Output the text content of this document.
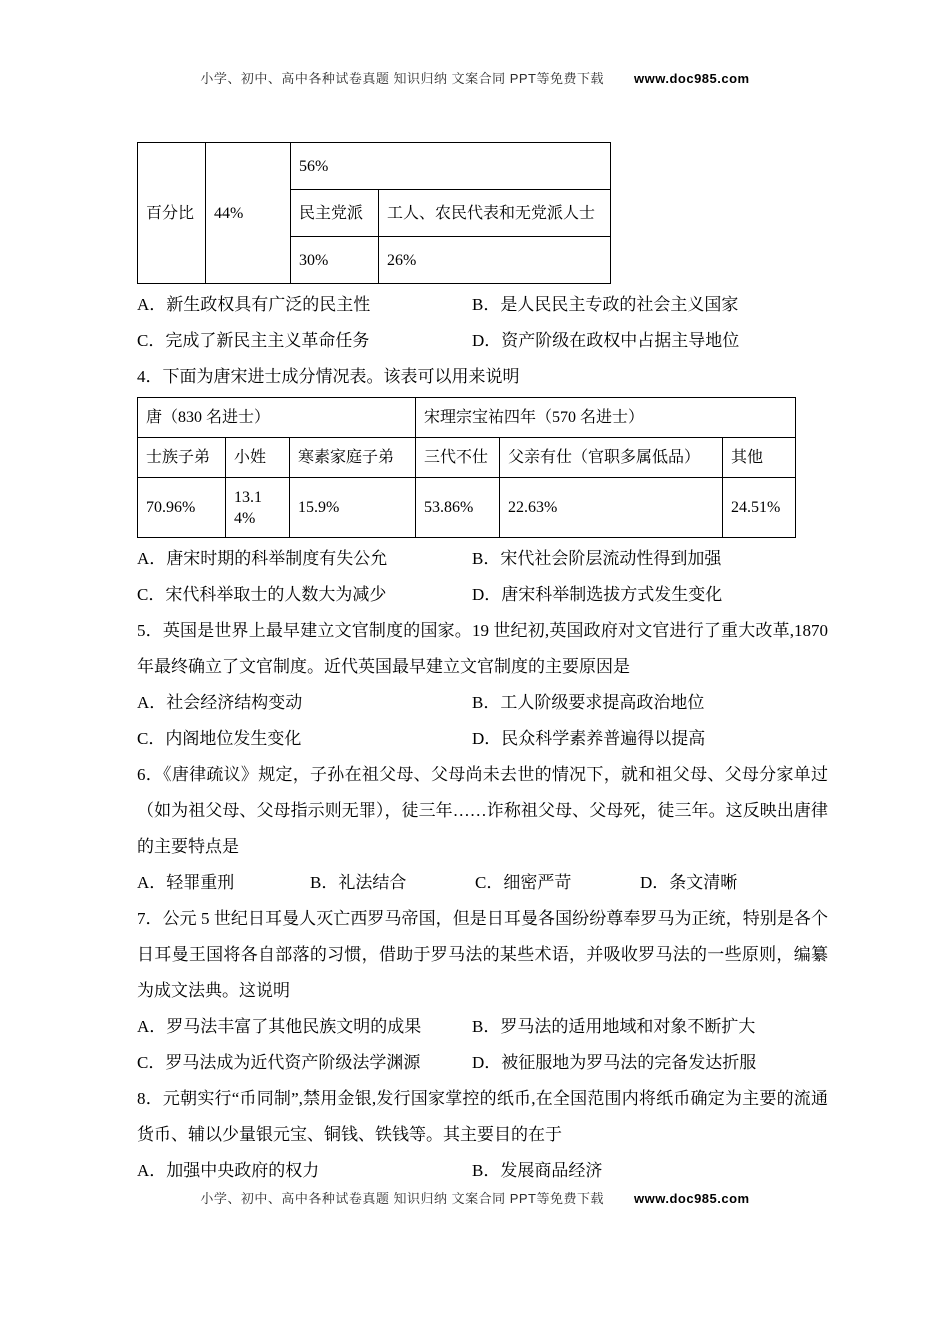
小学、初中、高中各种试卷真题 知识归纳 文案合同 PPT等免费下载 www.doc985.com
百分比	44%	56%	
		民主党派	工人、农民代表和无党派人士
		30%	26%
A．新生政权具有广泛的民主性	B．是人民民主专政的社会主义国家
C．完成了新民主主义革命任务	D．资产阶级在政权中占据主导地位
4．下面为唐宋进士成分情况表。该表可以用来说明
唐（830 名进士）			宋理宗宝祐四年（570 名进士）		
士族子弟	小姓	寒素家庭子弟	三代不仕	父亲有仕（官职多属低品）	其他
70.96%	13.14%	15.9%	53.86%	22.63%	24.51%
A．唐宋时期的科举制度有失公允	B．宋代社会阶层流动性得到加强
C．宋代科举取士的人数大为减少	D．唐宋科举制选拔方式发生变化
5．英国是世界上最早建立文官制度的国家。19 世纪初,英国政府对文官进行了重大改革,1870 年最终确立了文官制度。近代英国最早建立文官制度的主要原因是
A．社会经济结构变动	B．工人阶级要求提高政治地位
C．内阁地位发生变化	D．民众科学素养普遍得以提高
6．《唐律疏议》规定，子孙在祖父母、父母尚未去世的情况下，就和祖父母、父母分家单过（如为祖父母、父母指示则无罪），徒三年……诈称祖父母、父母死，徒三年。这反映出唐律的主要特点是
A．轻罪重刑	B．礼法结合	C．细密严苛	D．条文清晰
7．公元 5 世纪日耳曼人灭亡西罗马帝国，但是日耳曼各国纷纷尊奉罗马为正统，特别是各个日耳曼王国将各自部落的习惯，借助于罗马法的某些术语，并吸收罗马法的一些原则，编纂为成文法典。这说明
A．罗马法丰富了其他民族文明的成果	B．罗马法的适用地域和对象不断扩大
C．罗马法成为近代资产阶级法学渊源	D．被征服地为罗马法的完备发达折服
8．元朝实行“币同制”,禁用金银,发行国家掌控的纸币,在全国范围内将纸币确定为主要的流通货币、辅以少量银元宝、铜钱、铁钱等。其主要目的在于
A．加强中央政府的权力	B．发展商品经济
小学、初中、高中各种试卷真题 知识归纳 文案合同 PPT等免费下载 www.doc985.com
